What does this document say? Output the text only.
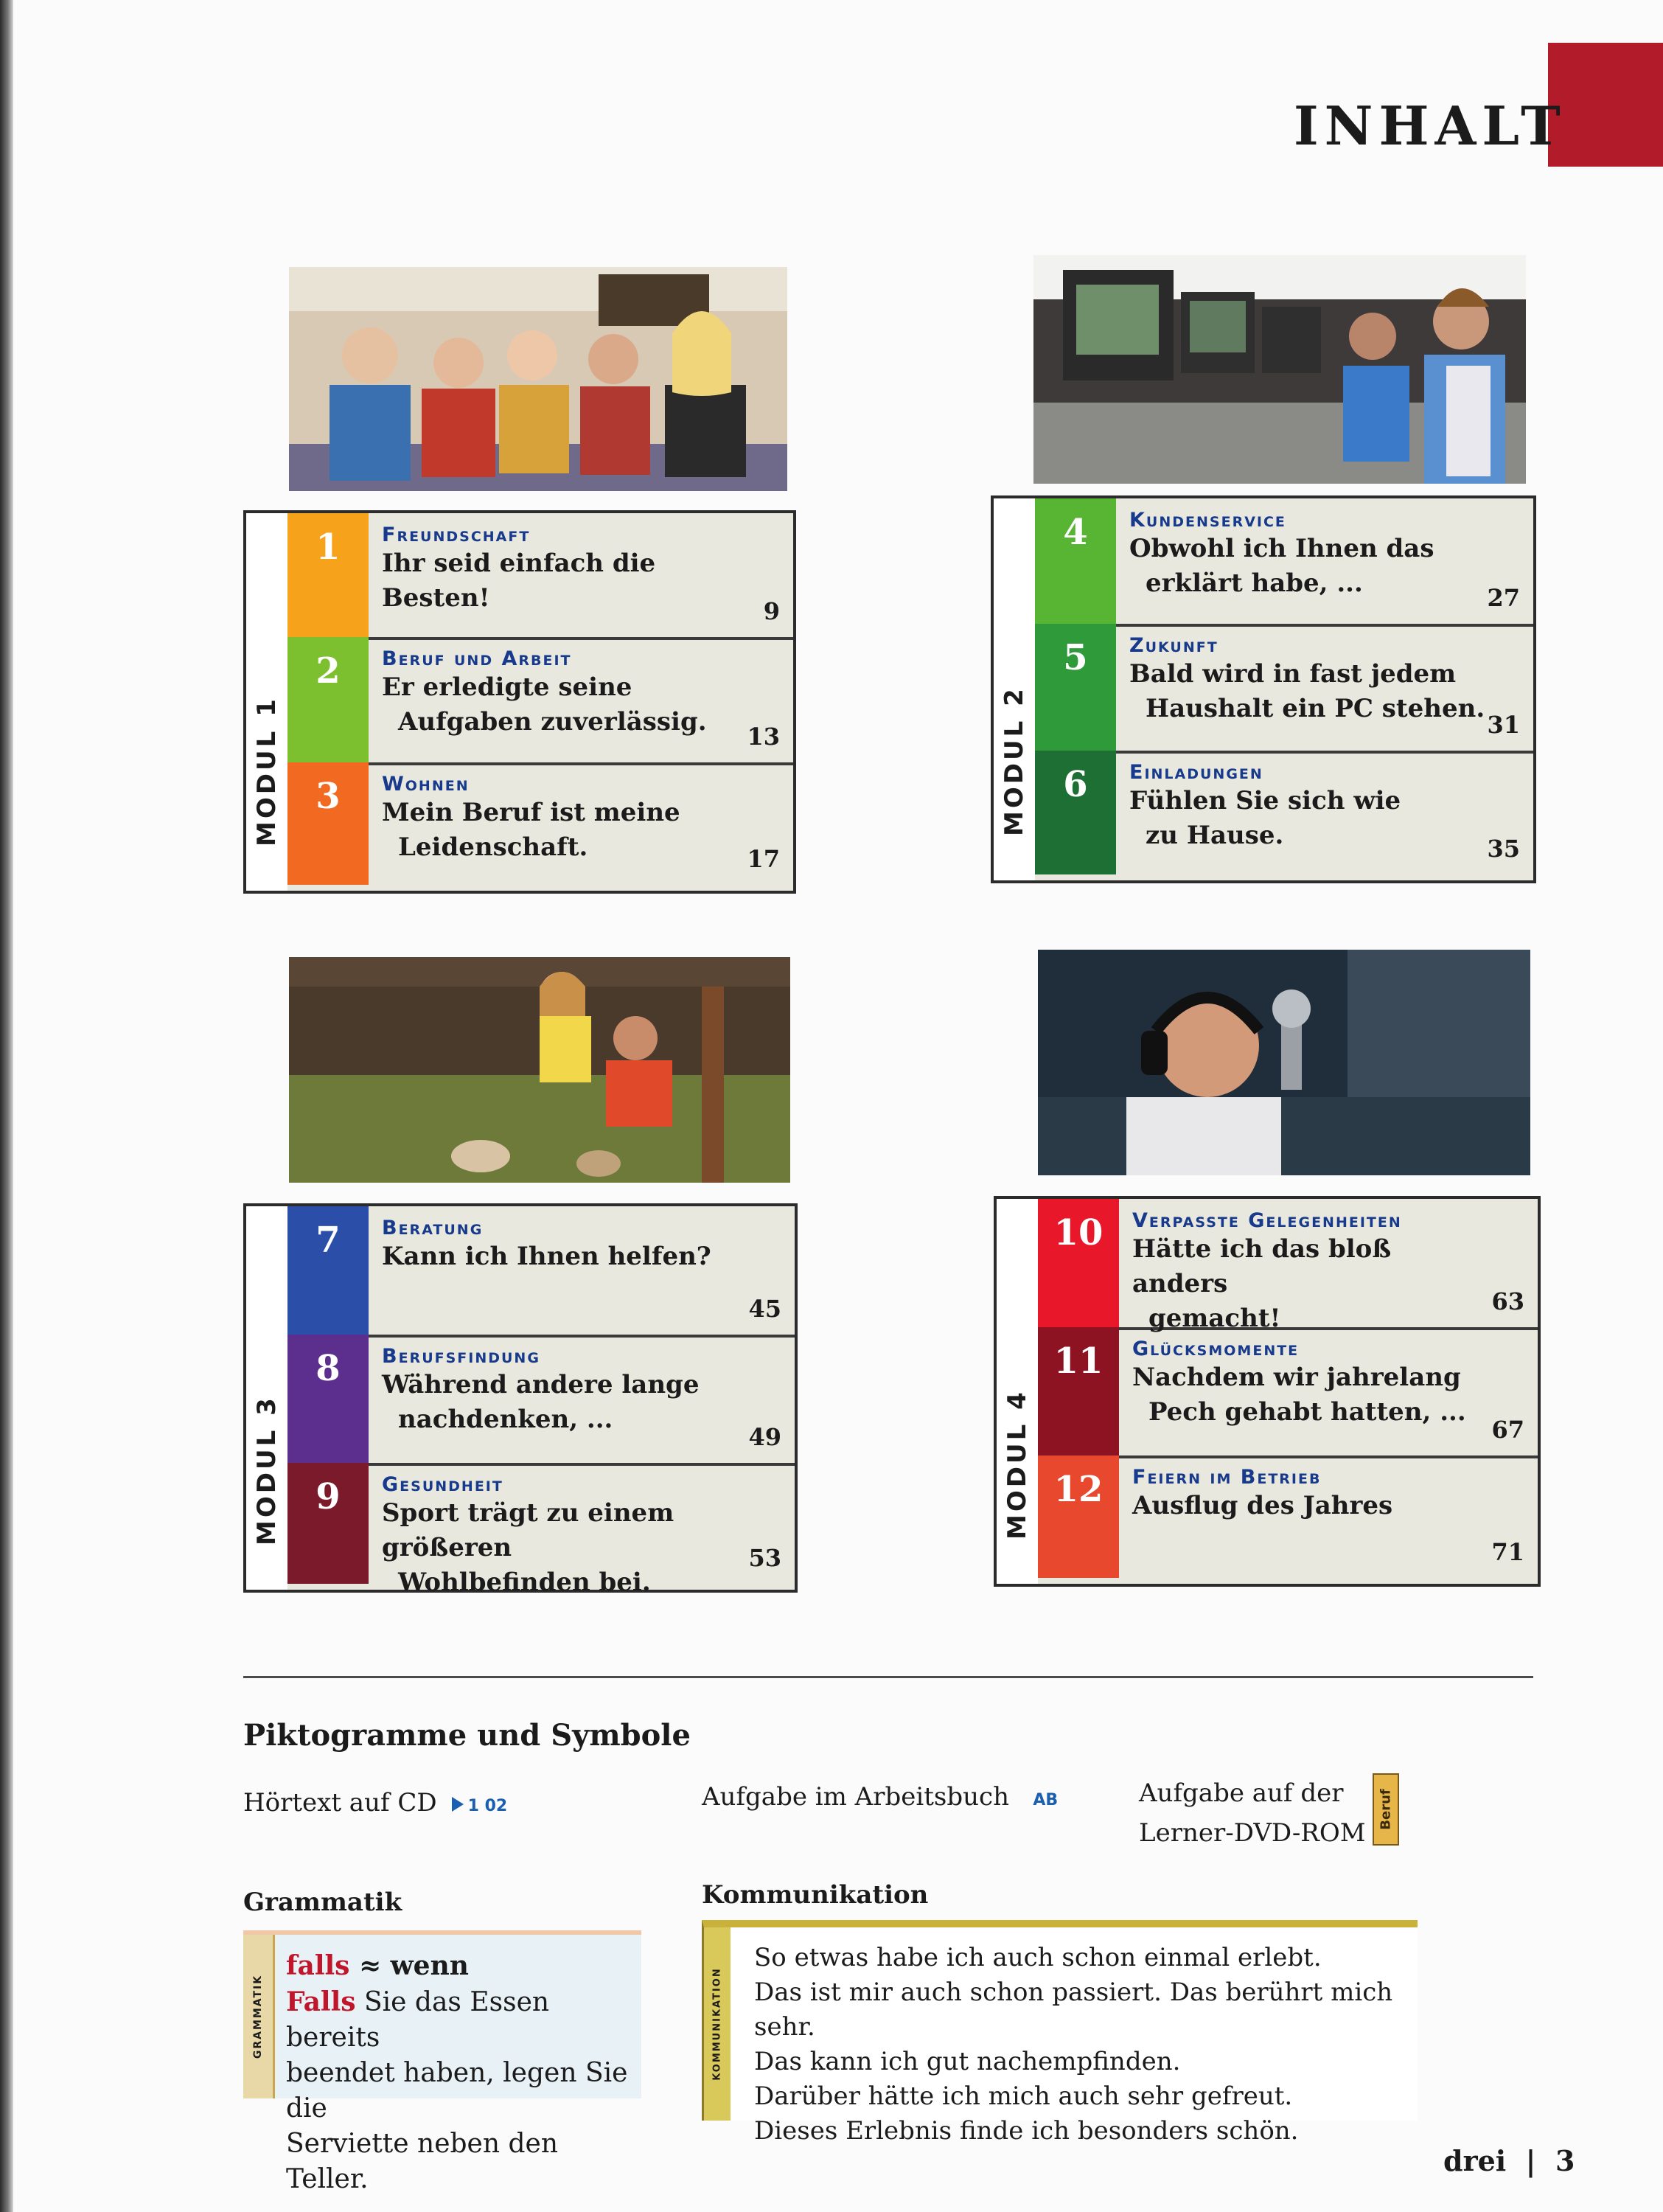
INHALT
MODUL 1
1	Freundschaft
Ihr seid einfach die Besten!	9
2	Beruf und Arbeit
Er erledigte seine
Aufgaben zuverlässig.	13
3	Wohnen
Mein Beruf ist meine
Leidenschaft.	17
MODUL 2
4	Kundenservice
Obwohl ich Ihnen das
erklärt habe, ...	27
5	Zukunft
Bald wird in fast jedem
Haushalt ein PC stehen.
31
6	Einladungen
Fühlen Sie sich wie
zu Hause.	35
MODUL 3
7	Beratung
Kann ich Ihnen helfen?
45
8	Berufsfindung
Während andere lange
nachdenken, ...
49
9	Gesundheit
Sport trägt zu einem größeren
Wohlbefinden bei.
53
MODUL 4
10	Verpasste Gelegenheiten
Hätte ich das bloß anders
gemacht!
63
11	Glücksmomente
Nachdem wir jahrelang
Pech gehabt hatten, ...
67
12	Feiern im Betrieb
Ausflug des Jahres
71
Piktogramme und Symbole
Hörtext auf CD 1 02	Aufgabe im Arbeitsbuch AB	Aufgabe auf der
Lerner-DVD-ROM
Beruf
Grammatik
GRAMMATIK
falls ≈ wenn
Falls Sie das Essen bereits
beendet haben, legen Sie die
Serviette neben den Teller.
Kommunikation
KOMMUNIKATION
So etwas habe ich auch schon einmal erlebt.
Das ist mir auch schon passiert. Das berührt mich sehr.
Das kann ich gut nachempfinden.
Darüber hätte ich mich auch sehr gefreut.
Dieses Erlebnis finde ich besonders schön.
drei | 3
